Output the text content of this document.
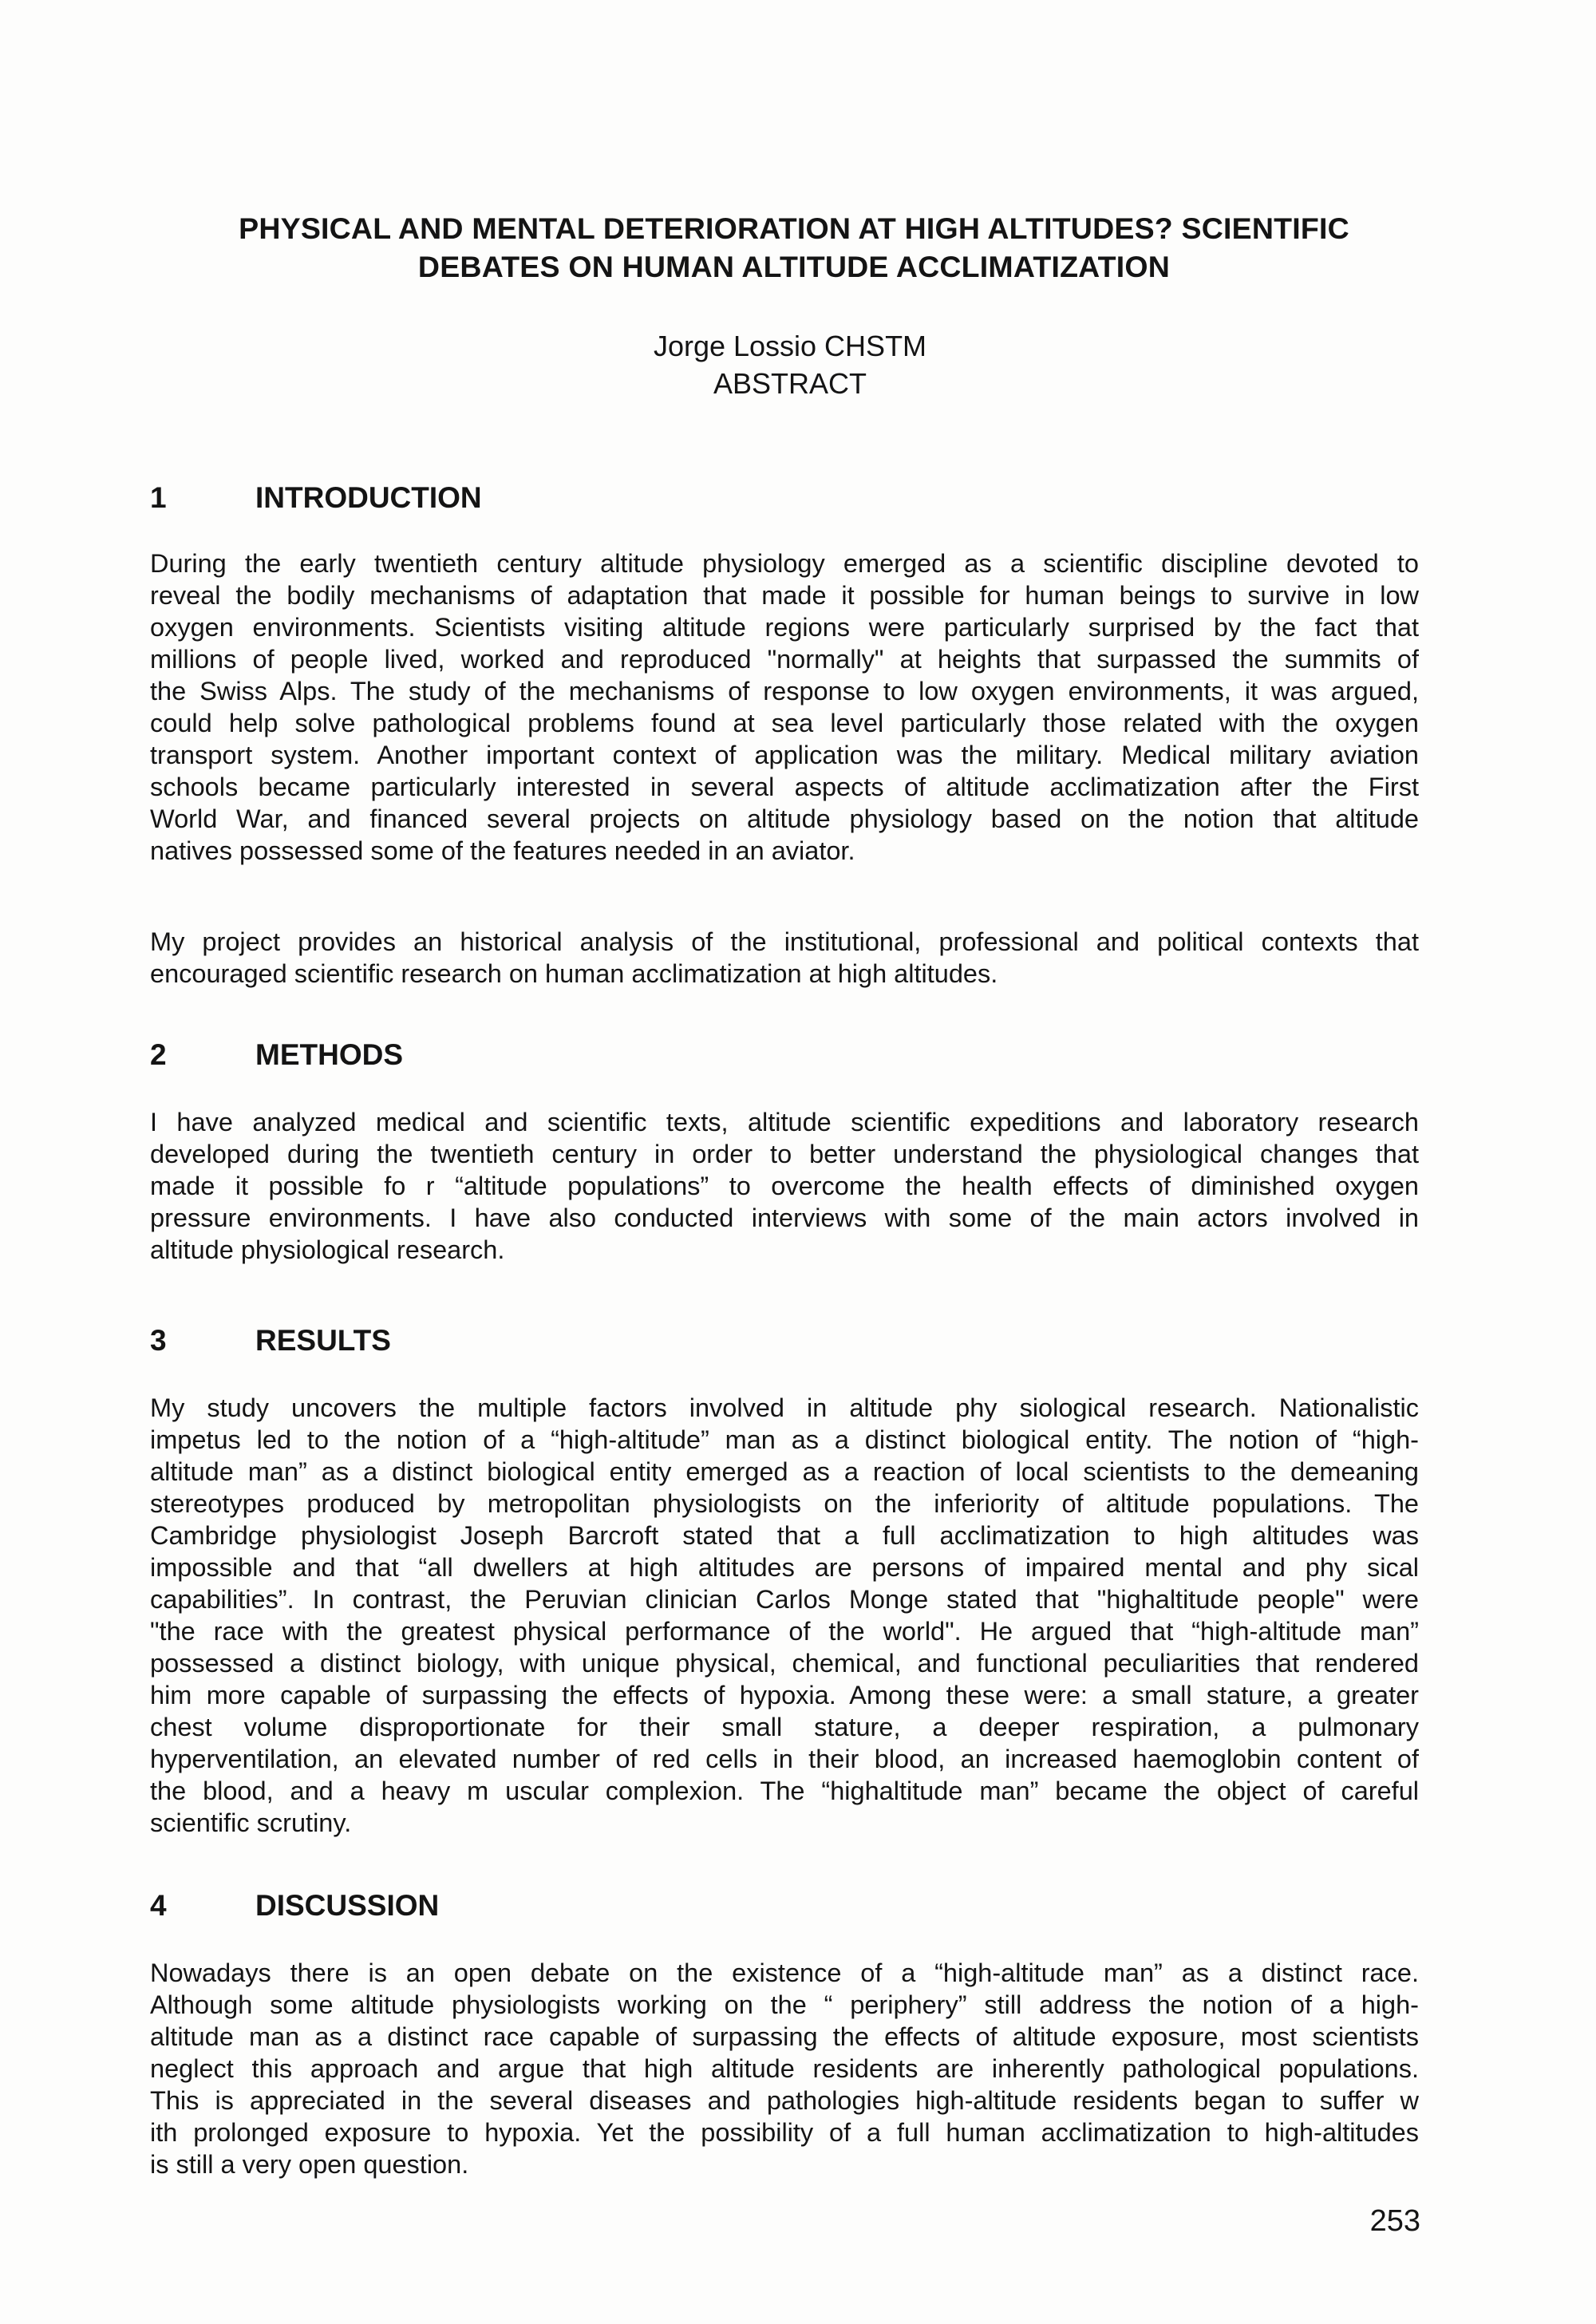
PHYSICAL AND MENTAL DETERIORATION AT HIGH ALTITUDES? SCIENTIFIC
DEBATES ON HUMAN ALTITUDE ACCLIMATIZATION
Jorge Lossio CHSTM
ABSTRACT
1	INTRODUCTION
During the early twentieth century altitude physiology emerged as a scientific discipline devoted to
reveal the bodily mechanisms of adaptation that made it possible for human beings to survive in low
oxygen environments. Scientists visiting altitude regions were particularly surprised by the fact that
millions of people lived, worked and reproduced "normally" at heights that surpassed the summits of
the Swiss Alps. The study of the mechanisms of response to low oxygen environments, it was argued,
could help solve pathological problems found at sea level particularly those related with the oxygen
transport system. Another important context of application was the military. Medical military aviation
schools became particularly interested in several aspects of altitude acclimatization after the First
World War, and financed several projects on altitude physiology based on the notion that altitude
natives possessed some of the features needed in an aviator.
My project provides an historical analysis of the institutional, professional and political contexts that
encouraged scientific research on human acclimatization at high altitudes.
2	METHODS
I have analyzed medical and scientific texts, altitude scientific expeditions and laboratory research
developed during the twentieth century in order to better understand the physiological changes that
made it possible fo r “altitude populations” to overcome the health effects of diminished oxygen
pressure environments. I have also conducted interviews with some of the main actors involved in
altitude physiological research.
3	RESULTS
My study uncovers the multiple factors involved in altitude phy siological research. Nationalistic
impetus led to the notion of a “high-altitude” man as a distinct biological entity. The notion of “high-
altitude man” as a distinct biological entity emerged as a reaction of local scientists to the demeaning
stereotypes produced by metropolitan physiologists on the inferiority of altitude populations. The
Cambridge physiologist Joseph Barcroft stated that a full acclimatization to high altitudes was
impossible and that “all dwellers at high altitudes are persons of impaired mental and phy sical
capabilities”. In contrast, the Peruvian clinician Carlos Monge stated that "highaltitude people" were
"the race with the greatest physical performance of the world". He argued that “high-altitude man”
possessed a distinct biology, with unique physical, chemical, and functional peculiarities that rendered
him more capable of surpassing the effects of hypoxia. Among these were: a small stature, a greater
chest volume disproportionate for their small stature, a deeper respiration, a pulmonary
hyperventilation, an elevated number of red cells in their blood, an increased haemoglobin content of
the blood, and a heavy m uscular complexion. The “highaltitude man” became the object of careful
scientific scrutiny.
4	DISCUSSION
Nowadays there is an open debate on the existence of a “high-altitude man” as a distinct race.
Although some altitude physiologists working on the “ periphery” still address the notion of a high-
altitude man as a distinct race capable of surpassing the effects of altitude exposure, most scientists
neglect this approach and argue that high altitude residents are inherently pathological populations.
This is appreciated in the several diseases and pathologies high-altitude residents began to suffer w
ith prolonged exposure to hypoxia. Yet the possibility of a full human acclimatization to high-altitudes
is still a very open question.
253
